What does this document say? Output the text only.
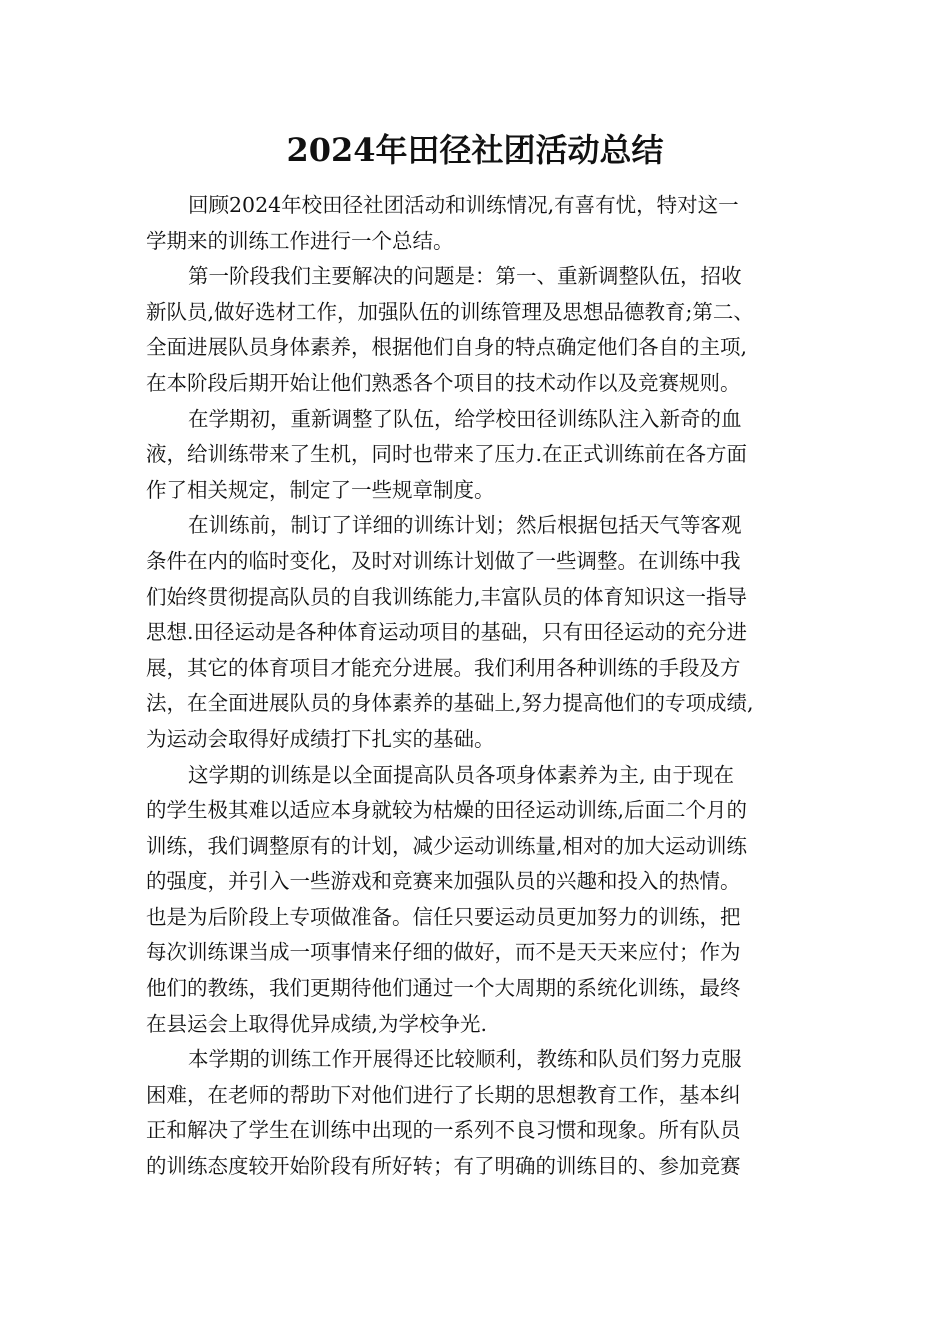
2024年田径社团活动总结
回顾2024年校田径社团活动和训练情况,有喜有忧，特对这一
学期来的训练工作进行一个总结。
第一阶段我们主要解决的问题是：第一、重新调整队伍，招收
新队员,做好选材工作，加强队伍的训练管理及思想品德教育;第二、
全面进展队员身体素养，根据他们自身的特点确定他们各自的主项,
在本阶段后期开始让他们熟悉各个项目的技术动作以及竞赛规则。
在学期初，重新调整了队伍，给学校田径训练队注入新奇的血
液，给训练带来了生机，同时也带来了压力.在正式训练前在各方面
作了相关规定，制定了一些规章制度。
在训练前，制订了详细的训练计划；然后根据包括天气等客观
条件在内的临时变化，及时对训练计划做了一些调整。在训练中我
们始终贯彻提高队员的自我训练能力,丰富队员的体育知识这一指导
思想.田径运动是各种体育运动项目的基础，只有田径运动的充分进
展，其它的体育项目才能充分进展。我们利用各种训练的手段及方
法，在全面进展队员的身体素养的基础上,努力提高他们的专项成绩,
为运动会取得好成绩打下扎实的基础。
这学期的训练是以全面提高队员各项身体素养为主, 由于现在
的学生极其难以适应本身就较为枯燥的田径运动训练,后面二个月的
训练，我们调整原有的计划，减少运动训练量,相对的加大运动训练
的强度，并引入一些游戏和竞赛来加强队员的兴趣和投入的热情。
也是为后阶段上专项做准备。信任只要运动员更加努力的训练，把
每次训练课当成一项事情来仔细的做好，而不是天天来应付；作为
他们的教练，我们更期待他们通过一个大周期的系统化训练，最终
在县运会上取得优异成绩,为学校争光.
本学期的训练工作开展得还比较顺利，教练和队员们努力克服
困难，在老师的帮助下对他们进行了长期的思想教育工作，基本纠
正和解决了学生在训练中出现的一系列不良习惯和现象。所有队员
的训练态度较开始阶段有所好转；有了明确的训练目的、参加竞赛
